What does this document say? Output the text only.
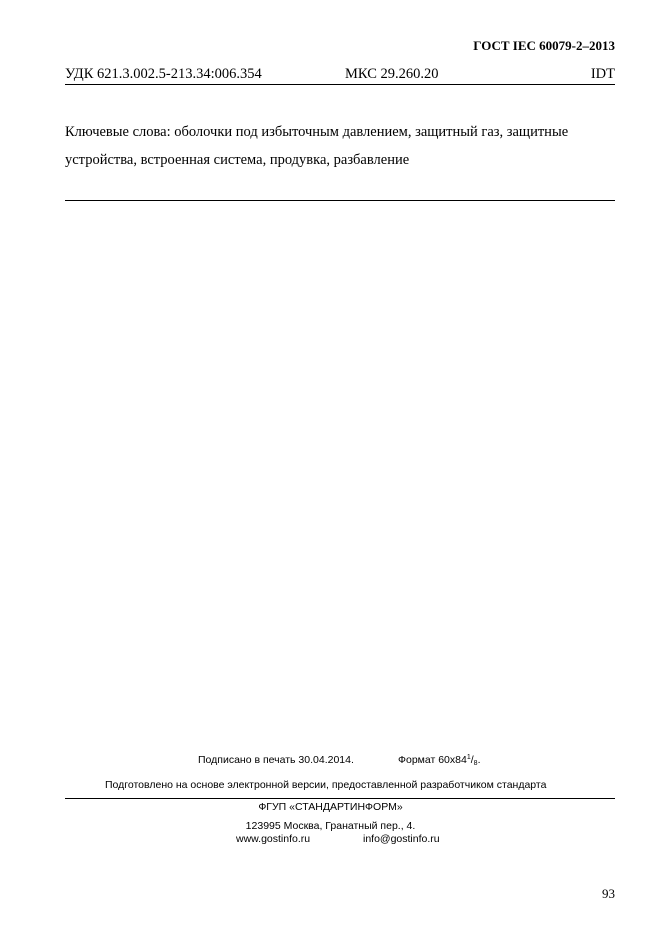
ГОСТ IEC 60079-2–2013
УДК 621.3.002.5-213.34:006.354	МКС 29.260.20	IDT
Ключевые слова: оболочки под избыточным давлением, защитный газ, защитные устройства, встроенная система, продувка, разбавление
Подписано в печать 30.04.2014.	Формат $60х84^1/_8$.
Подготовлено на основе электронной версии, предоставленной разработчиком стандарта
ФГУП «СТАНДАРТИНФОРМ»
123995 Москва, Гранатный пер., 4.
www.gostinfo.ru	info@gostinfo.ru
93
